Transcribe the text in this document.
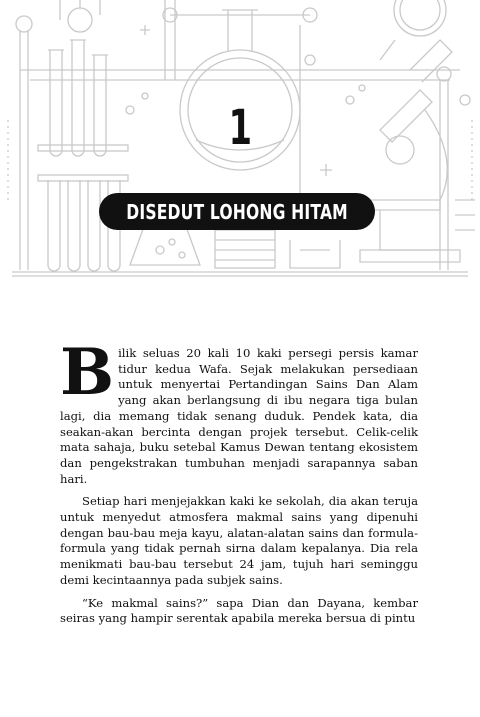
1
DISEDUT LOHONG HITAM

Bilik seluas 20 kali 10 kaki persegi persis kamar tidur kedua Wafa. Sejak melakukan persediaan untuk menyertai Pertandingan Sains Dan Alam yang akan berlangsung di ibu negara tiga bulan lagi, dia memang tidak senang duduk. Pendek kata, dia seakan-akan bercinta dengan projek tersebut. Celik-celik mata sahaja, buku setebal Kamus Dewan tentang ekosistem dan pengekstrakan tumbuhan menjadi sarapannya saban hari.

Setiap hari menjejakkan kaki ke sekolah, dia akan teruja untuk menyedut atmosfera makmal sains yang dipenuhi dengan bau-bau meja kayu, alatan-alatan sains dan formula-formula yang tidak pernah sirna dalam kepalanya. Dia rela menikmati bau-bau tersebut 24 jam, tujuh hari seminggu demi kecintaannya pada subjek sains.

“Ke makmal sains?” sapa Dian dan Dayana, kembar seiras yang hampir serentak apabila mereka bersua di pintu
